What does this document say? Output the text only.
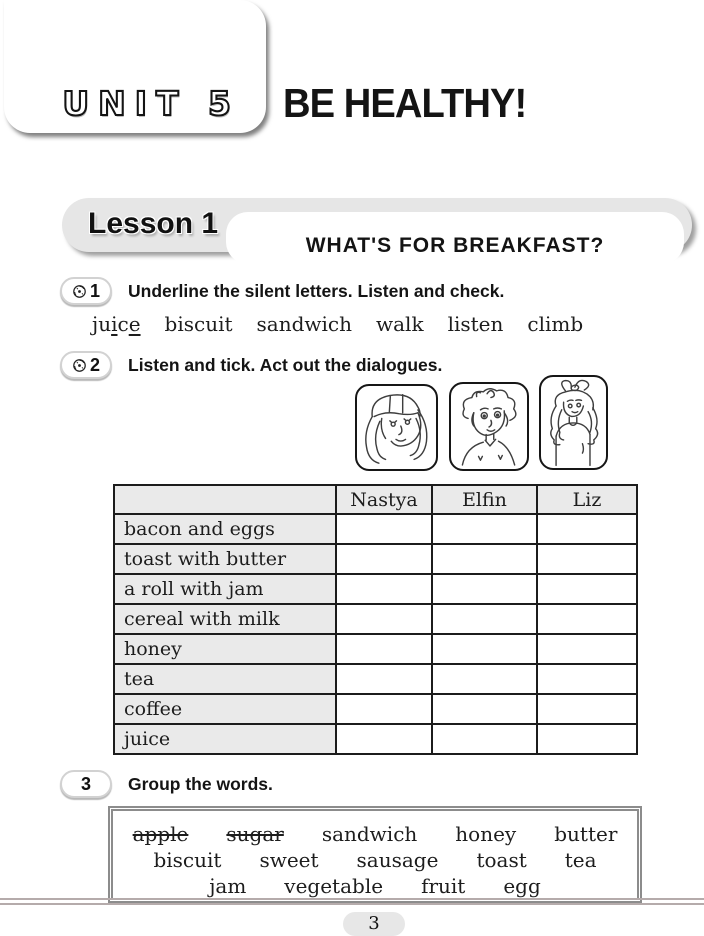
UNIT 5 BE HEALTHY!
Lesson 1
WHAT'S FOR BREAKFAST?
1 Underline the silent letters. Listen and check.
juice biscuit sandwich walk listen climb
2 Listen and tick. Act out the dialogues.
	Nastya	Elfin	Liz
bacon and eggs			
toast with butter			
a roll with jam			
cereal with milk			
honey			
tea			
coffee			
juice			
3 Group the words.
apple sugar sandwich honey butter
biscuit sweet sausage toast tea
jam vegetable fruit egg
3
